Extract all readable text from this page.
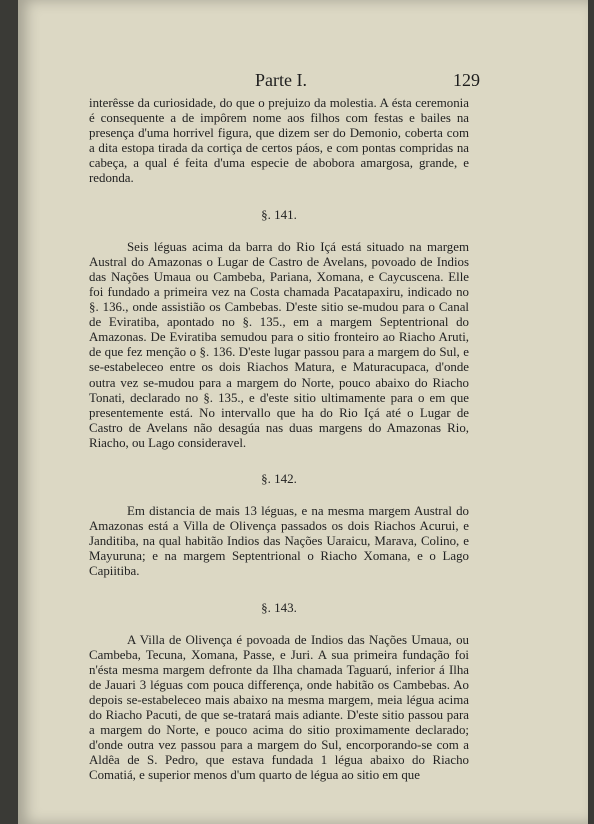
Parte I.	129

interêsse da curiosidade, do que o prejuizo da molestia. A ésta ceremonia é consequente a de impôrem nome aos filhos com festas e bailes na presença d'uma horrivel figura, que dizem ser do Demonio, coberta com a dita estopa tirada da cortiça de certos páos, e com pontas compridas na cabeça, a qual é feita d'uma especie de abobora amargosa, grande, e redonda.

§. 141.

Seis léguas acima da barra do Rio Içá está situado na margem Austral do Amazonas o Lugar de Castro de Avelans, povoado de Indios das Nações Umaua ou Cambeba, Pariana, Xomana, e Caycuscena. Elle foi fundado a primeira vez na Costa chamada Pacatapaxiru, indicado no §. 136., onde assistião os Cambebas. D'este sitio se-mudou para o Canal de Eviratiba, apontado no §. 135., em a margem Septentrional do Amazonas. De Eviratiba semudou para o sitio fronteiro ao Riacho Aruti, de que fez menção o §. 136. D'este lugar passou para a margem do Sul, e se-estabeleceo entre os dois Riachos Matura, e Maturacupaca, d'onde outra vez se-mudou para a margem do Norte, pouco abaixo do Riacho Tonati, declarado no §. 135., e d'este sitio ultimamente para o em que presentemente está. No intervallo que ha do Rio Içá até o Lugar de Castro de Avelans não desagúa nas duas margens do Amazonas Rio, Riacho, ou Lago consideravel.

§. 142.

Em distancia de mais 13 léguas, e na mesma margem Austral do Amazonas está a Villa de Olivença passados os dois Riachos Acurui, e Janditiba, na qual habitão Indios das Nações Uaraicu, Marava, Colino, e Mayuruna; e na margem Septentrional o Riacho Xomana, e o Lago Capiitiba.

§. 143.

A Villa de Olivença é povoada de Indios das Nações Umaua, ou Cambeba, Tecuna, Xomana, Passe, e Juri. A sua primeira fundação foi n'ésta mesma margem defronte da Ilha chamada Taguarú, inferior á Ilha de Jauari 3 léguas com pouca differença, onde habitão os Cambebas. Ao depois se-estabeleceo mais abaixo na mesma margem, meia légua acima do Riacho Pacuti, de que se-tratará mais adiante. D'este sitio passou para a margem do Norte, e pouco acima do sitio proximamente declarado; d'onde outra vez passou para a margem do Sul, encorporando-se com a Aldêa de S. Pedro, que estava fundada 1 légua abaixo do Riacho Comatiá, e superior menos d'um quarto de légua ao sitio em que
